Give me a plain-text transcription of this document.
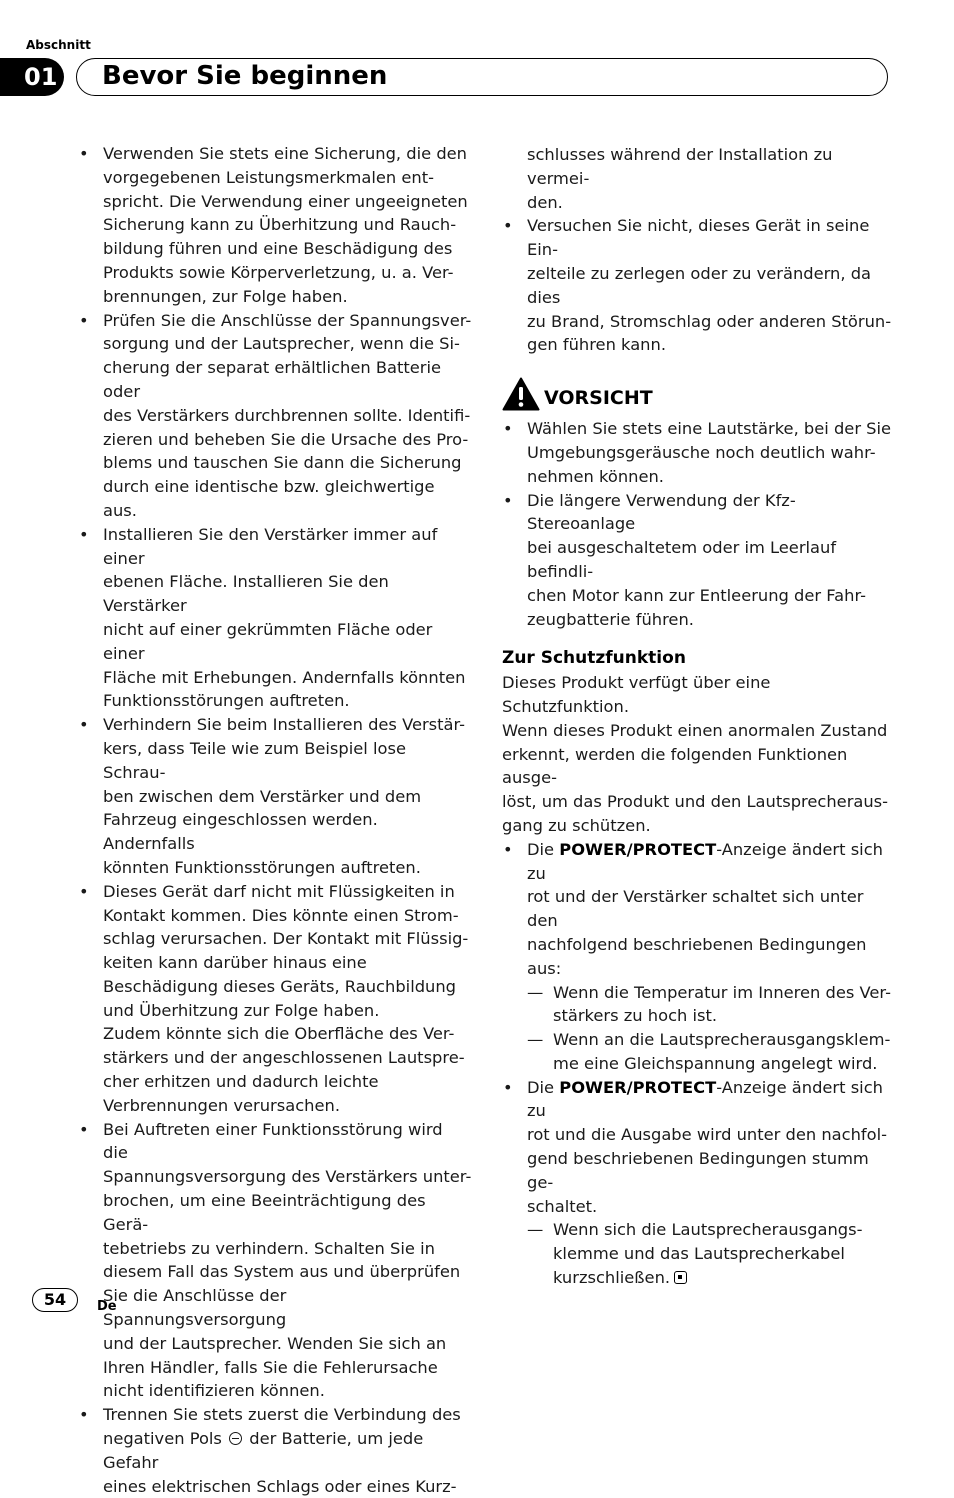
Abschnitt
01 Bevor Sie beginnen
• Verwenden Sie stets eine Sicherung, die den
vorgegebenen Leistungsmerkmalen ent-
spricht. Die Verwendung einer ungeeigneten
Sicherung kann zu Überhitzung und Rauch-
bildung führen und eine Beschädigung des
Produkts sowie Körperverletzung, u. a. Ver-
brennungen, zur Folge haben.
• Prüfen Sie die Anschlüsse der Spannungsver-
sorgung und der Lautsprecher, wenn die Si-
cherung der separat erhältlichen Batterie oder
des Verstärkers durchbrennen sollte. Identifi-
zieren und beheben Sie die Ursache des Pro-
blems und tauschen Sie dann die Sicherung
durch eine identische bzw. gleichwertige aus.
• Installieren Sie den Verstärker immer auf einer
ebenen Fläche. Installieren Sie den Verstärker
nicht auf einer gekrümmten Fläche oder einer
Fläche mit Erhebungen. Andernfalls könnten
Funktionsstörungen auftreten.
• Verhindern Sie beim Installieren des Verstär-
kers, dass Teile wie zum Beispiel lose Schrau-
ben zwischen dem Verstärker und dem
Fahrzeug eingeschlossen werden. Andernfalls
könnten Funktionsstörungen auftreten.
• Dieses Gerät darf nicht mit Flüssigkeiten in
Kontakt kommen. Dies könnte einen Strom-
schlag verursachen. Der Kontakt mit Flüssig-
keiten kann darüber hinaus eine
Beschädigung dieses Geräts, Rauchbildung
und Überhitzung zur Folge haben.
Zudem könnte sich die Oberfläche des Ver-
stärkers und der angeschlossenen Lautspre-
cher erhitzen und dadurch leichte
Verbrennungen verursachen.
• Bei Auftreten einer Funktionsstörung wird die
Spannungsversorgung des Verstärkers unter-
brochen, um eine Beeinträchtigung des Gerä-
tebetriebs zu verhindern. Schalten Sie in
diesem Fall das System aus und überprüfen
Sie die Anschlüsse der Spannungsversorgung
und der Lautsprecher. Wenden Sie sich an
Ihren Händler, falls Sie die Fehlerursache
nicht identifizieren können.
• Trennen Sie stets zuerst die Verbindung des
negativen Pols der Batterie, um jede Gefahr
eines elektrischen Schlags oder eines Kurz-
schlusses während der Installation zu vermei-
den.
• Versuchen Sie nicht, dieses Gerät in seine Ein-
zelteile zu zerlegen oder zu verändern, da dies
zu Brand, Stromschlag oder anderen Störun-
gen führen kann.
VORSICHT
• Wählen Sie stets eine Lautstärke, bei der Sie
Umgebungsgeräusche noch deutlich wahr-
nehmen können.
• Die längere Verwendung der Kfz-Stereoanlage
bei ausgeschaltetem oder im Leerlauf befindli-
chen Motor kann zur Entleerung der Fahr-
zeugbatterie führen.
Zur Schutzfunktion
Dieses Produkt verfügt über eine Schutzfunktion.
Wenn dieses Produkt einen anormalen Zustand
erkennt, werden die folgenden Funktionen ausge-
löst, um das Produkt und den Lautsprecheraus-
gang zu schützen.
• Die POWER/PROTECT-Anzeige ändert sich zu
rot und der Verstärker schaltet sich unter den
nachfolgend beschriebenen Bedingungen
aus:
— Wenn die Temperatur im Inneren des Ver-
stärkers zu hoch ist.
— Wenn an die Lautsprecherausgangsklem-
me eine Gleichspannung angelegt wird.
• Die POWER/PROTECT-Anzeige ändert sich zu
rot und die Ausgabe wird unter den nachfol-
gend beschriebenen Bedingungen stumm ge-
schaltet.
— Wenn sich die Lautsprecherausgangs-
klemme und das Lautsprecherkabel
kurzschließen.
54	De
